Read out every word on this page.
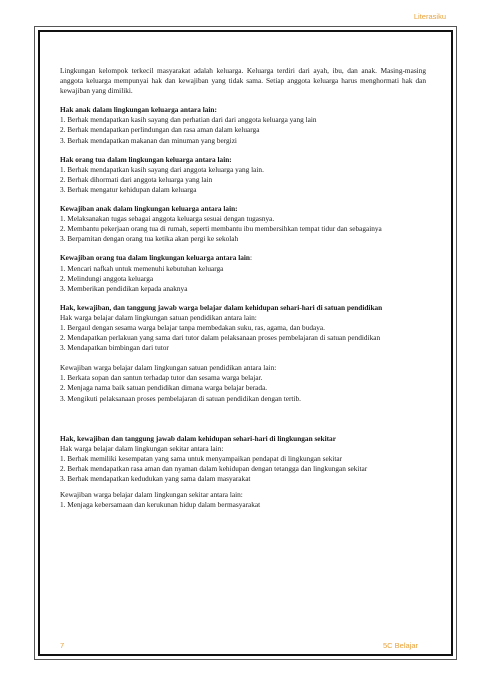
Literasiku

Lingkungan kelompok terkecil masyarakat adalah keluarga. Keluarga terdiri dari ayah, ibu, dan anak. Masing-masing anggota keluarga mempunyai hak dan kewajiban yang tidak sama. Setiap anggota keluarga harus menghormati hak dan kewajiban yang dimiliki.

Hak anak dalam lingkungan keluarga antara lain:

1. Berhak mendapatkan kasih sayang dan perhatian dari dari anggota keluarga yang lain

2. Berhak mendapatkan perlindungan dan rasa aman dalam keluarga

3. Berhak mendapatkan makanan dan minuman yang bergizi

Hak orang tua dalam lingkungan keluarga antara lain:

1. Berhak mendapatkan kasih sayang dari anggota keluarga yang lain.

2. Berhak dihormati dari anggota keluarga yang lain

3. Berhak mengatur kehidupan dalam keluarga

Kewajiban anak dalam lingkungan keluarga antara lain:

1. Melaksanakan tugas sebagai anggota keluarga sesuai dengan tugasnya.

2. Membantu pekerjaan orang tua di rumah, seperti membantu ibu membersihkan tempat tidur dan sebagainya

3. Berpamitan dengan orang tua ketika akan pergi ke sekolah

Kewajiban orang tua dalam lingkungan keluarga antara lain:

1. Mencari nafkah untuk memenuhi kebutuhan keluarga

2. Melindungi anggota keluarga

3. Memberikan pendidikan kepada anaknya

Hak, kewajiban, dan tanggung jawab warga belajar dalam kehidupan sehari-hari di satuan pendidikan

Hak warga belajar dalam lingkungan satuan pendidikan antara lain:

1. Bergaul dengan sesama warga belajar tanpa membedakan suku, ras, agama, dan budaya.

2. Mendapatkan perlakuan yang sama dari tutor dalam pelaksanaan proses pembelajaran di satuan pendidikan

3. Mendapatkan bimbingan dari tutor

Kewajiban warga belajar dalam lingkungan satuan pendidikan antara lain:

1. Berkata sopan dan santun terhadap tutor dan sesama warga belajar.

2. Menjaga nama baik satuan pendidikan dimana warga belajar berada.

3. Mengikuti pelaksanaan proses pembelajaran di satuan pendidikan dengan tertib.

Hak, kewajiban dan tanggung jawab dalam kehidupan sehari-hari di lingkungan sekitar

Hak warga belajar dalam lingkungan sekitar antara lain:

1. Berhak memiliki kesempatan yang sama untuk menyampaikan pendapat di lingkungan sekitar

2. Berhak mendapatkan rasa aman dan nyaman dalam kehidupan dengan tetangga dan lingkungan sekitar

3. Berhak mendapatkan kedudukan yang sama dalam masyarakat

Kewajiban warga belajar dalam lingkungan sekitar antara lain:

1. Menjaga kebersamaan dan kerukunan hidup dalam bermasyarakat

7	5C Belajar
